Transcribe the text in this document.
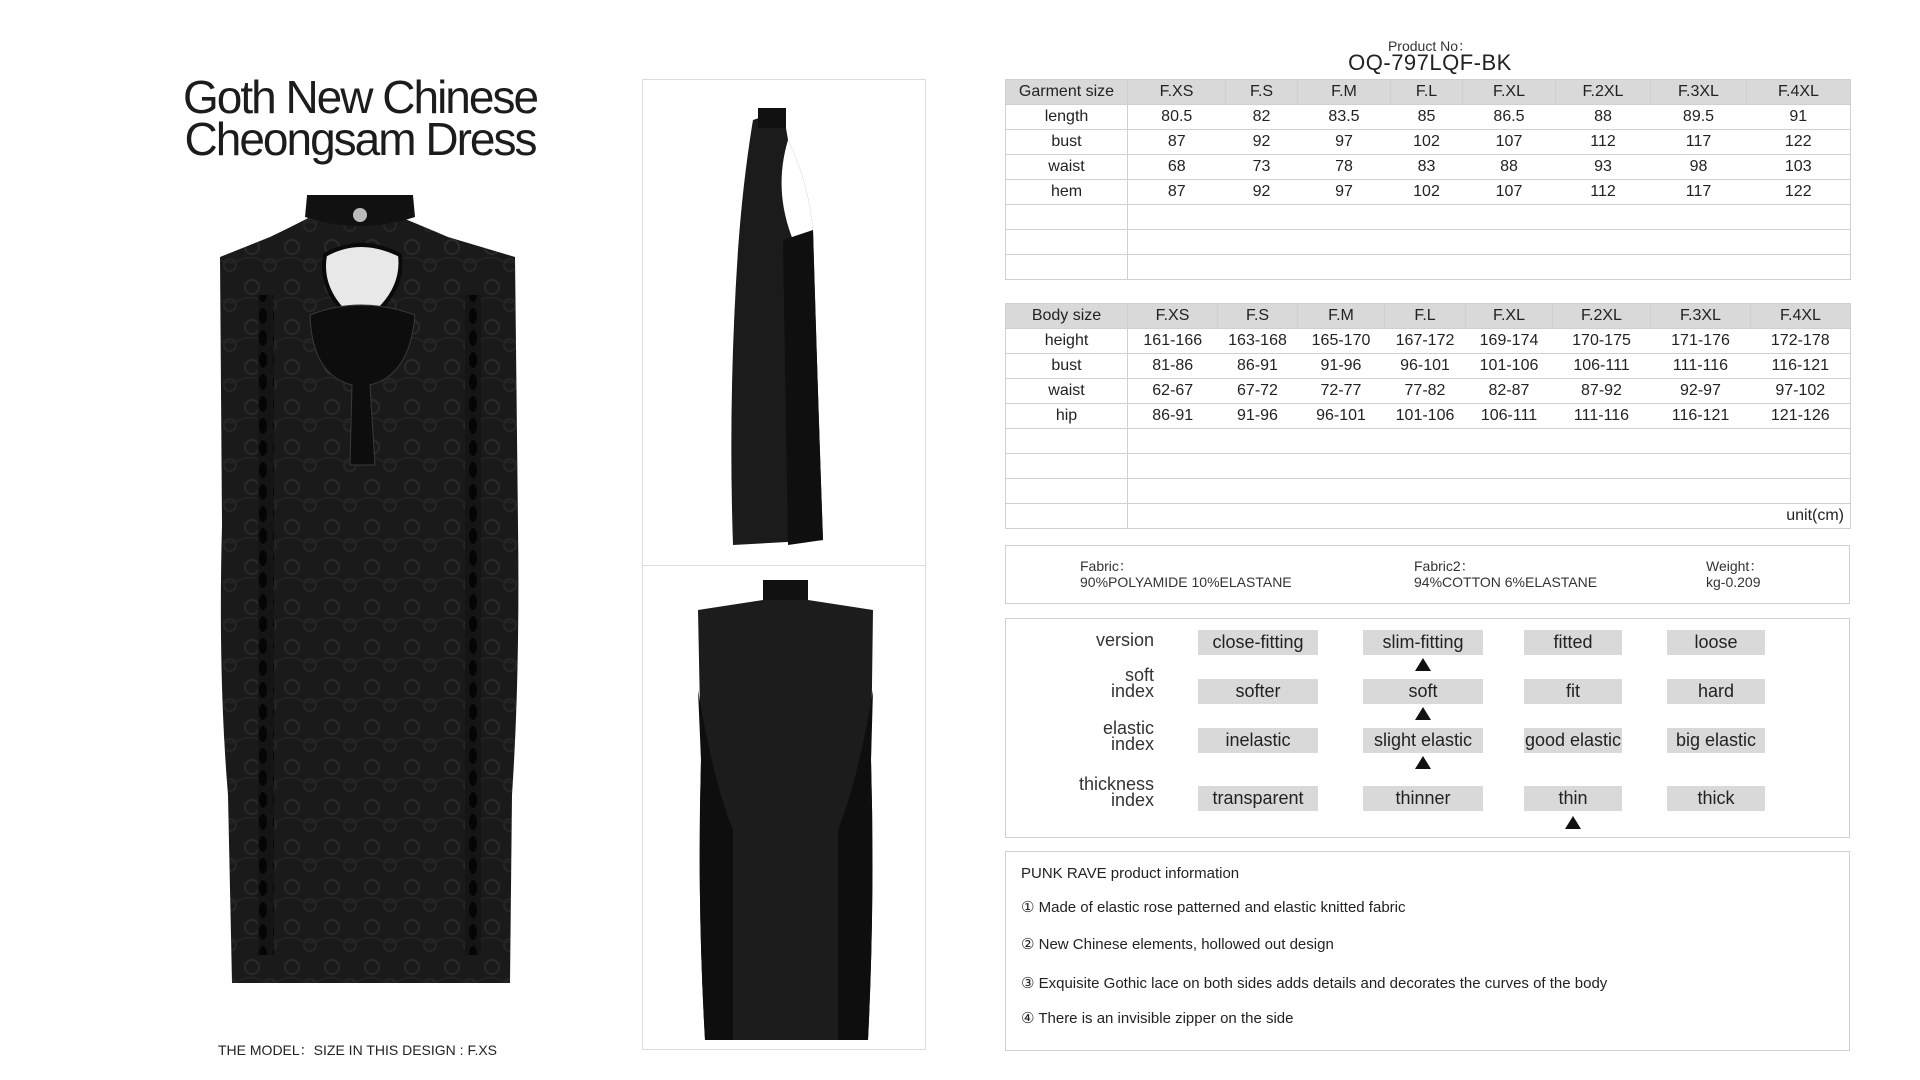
Goth New Chinese
Cheongsam Dress
THE MODEL：SIZE IN THIS DESIGN : F.XS
Product No：
OQ-797LQF-BK
Garment size	F.XS	F.S	F.M	F.L	F.XL	F.2XL	F.3XL	F.4XL
length	80.5	82	83.5	85	86.5	88	89.5	91
bust	87	92	97	102	107	112	117	122
waist	68	73	78	83	88	93	98	103
hem	87	92	97	102	107	112	117	122

Body size	F.XS	F.S	F.M	F.L	F.XL	F.2XL	F.3XL	F.4XL
height	161-166	163-168	165-170	167-172	169-174	170-175	171-176	172-178
bust	81-86	86-91	91-96	96-101	101-106	106-111	111-116	116-121
waist	62-67	67-72	72-77	77-82	82-87	87-92	92-97	97-102
hip	86-91	91-96	96-101	101-106	106-111	111-116	116-121	121-126

	unit(cm)							
Fabric：
90%POLYAMIDE 10%ELASTANE
Fabric2：
94%COTTON 6%ELASTANE
Weight：
kg-0.209
version	close-fitting	slim-fitting	fitted	loose
soft
index	softer	soft	fit	hard
elastic
index	inelastic	slight elastic	good elastic	big elastic
thickness
index	transparent	thinner	thin	thick
PUNK RAVE product information
① Made of elastic rose patterned and elastic knitted fabric
② New Chinese elements, hollowed out design
③ Exquisite Gothic lace on both sides adds details and decorates the curves of the body
④ There is an invisible zipper on the side
